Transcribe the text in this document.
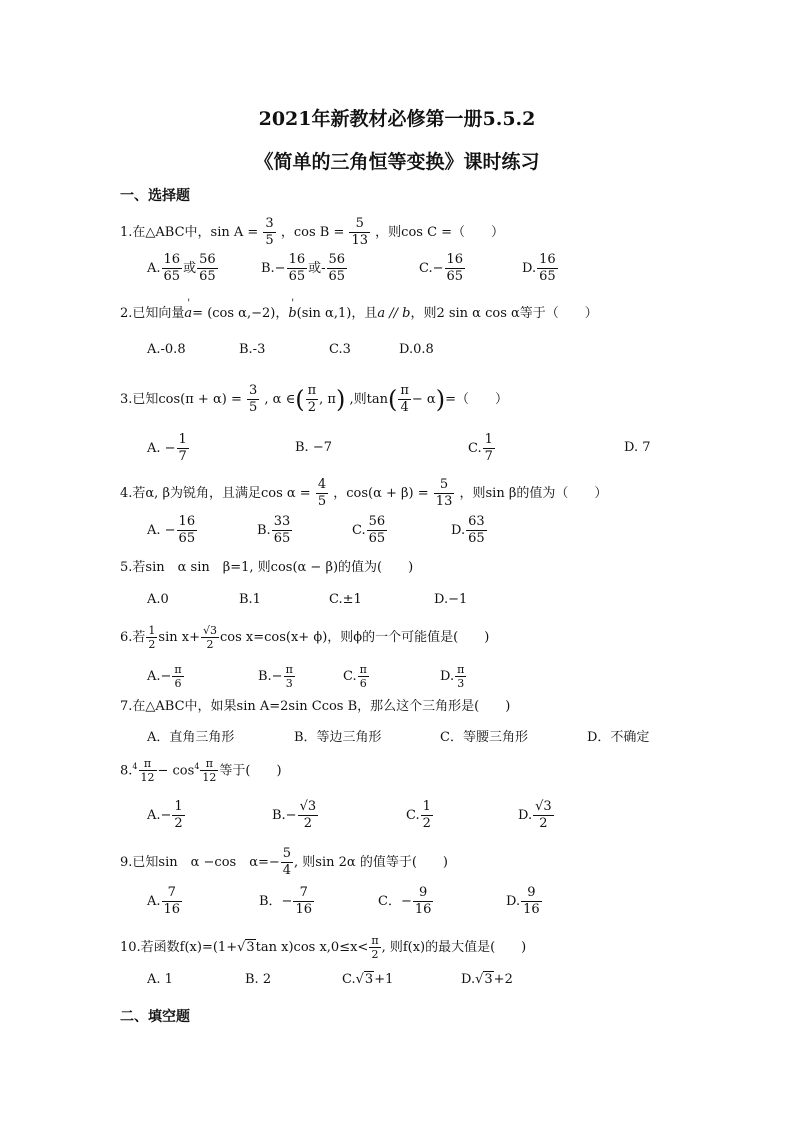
2021年新教材必修第一册5.5.2
《简单的三角恒等变换》课时练习
一、选择题
1.在△ABC中，$\sin A = \frac{3}{5}$ ，$\cos B = \frac{5}{13}$ ，则cos C =（　　）
A. $\frac{16}{65}$ 或 $\frac{56}{65}$	$B.- \frac{16}{65}$ 或- $\frac{56}{65}$	$C.- \frac{16}{65}$	D. $\frac{16}{65}$
2.已知向量' a= (cos α,−2)，' b(sin α,1)，且a // b，则2 sin α cos α等于（　　）
A.-0.8	B.-3	C.3	D.0.8
3.已知$\cos(\pi + \alpha) = \frac{3}{5}$ , α ∈( $\frac{\pi}{2}$ , π) ,则$\tan( \frac{\pi}{4} - \alpha)=$（　　）
A. − $\frac{1}{7}$	B. −7	C. $\frac{1}{7}$	D. 7
4.若α, β为锐角，且满足$\cos \alpha = \frac{4}{5}$ ，$\cos(\alpha + \beta) = \frac{5}{13}$ ，则sin β的值为（　　）
A. − $\frac{16}{65}$	B. $\frac{33}{65}$	C. $\frac{56}{65}$	D. $\frac{63}{65}$
5.若sin　α sin　β=1, 则cos(α − β)的值为(　　)
A.0	B.1	C.±1	D.−1
6.若 $\frac{1}{2}$ $\sin x+ \frac{√3}{2}$ cos x=cos(x+ ϕ)，则ϕ的一个可能值是(　　)
$A.- \frac{\pi}{6}$	$B.- \frac{\pi}{3}$	C. $\frac{\pi}{6}$	D. $\frac{\pi}{3}$
7.在△ABC中，如果sin A=2sin Ccos B，那么这个三角形是(　　)
A．直角三角形	B．等边三角形	C．等腰三角形	D．不确定
$8.^4 \frac{\pi}{12} - \cos^4 \frac{\pi}{12}$ 等于(　　)
$A.- \frac{1}{2}$	$B.- \frac{√3}{2}$	C. $\frac{1}{2}$	D. $\frac{√3}{2}$
9.已知sin　α −cos　$\alpha=- \frac{5}{4}$ , 则sin 2α 的值等于(　　)
A. $\frac{7}{16}$	B．− $\frac{7}{16}$	C．− $\frac{9}{16}$	D. $\frac{9}{16}$
10.若函数f(x)=(1+√3tan x)cos $x,0\le x< \frac{\pi}{2}$ , 则f(x)的最大值是(　　)
A. 1	B. 2	C.√3+1	D.√3+2
二、填空题
